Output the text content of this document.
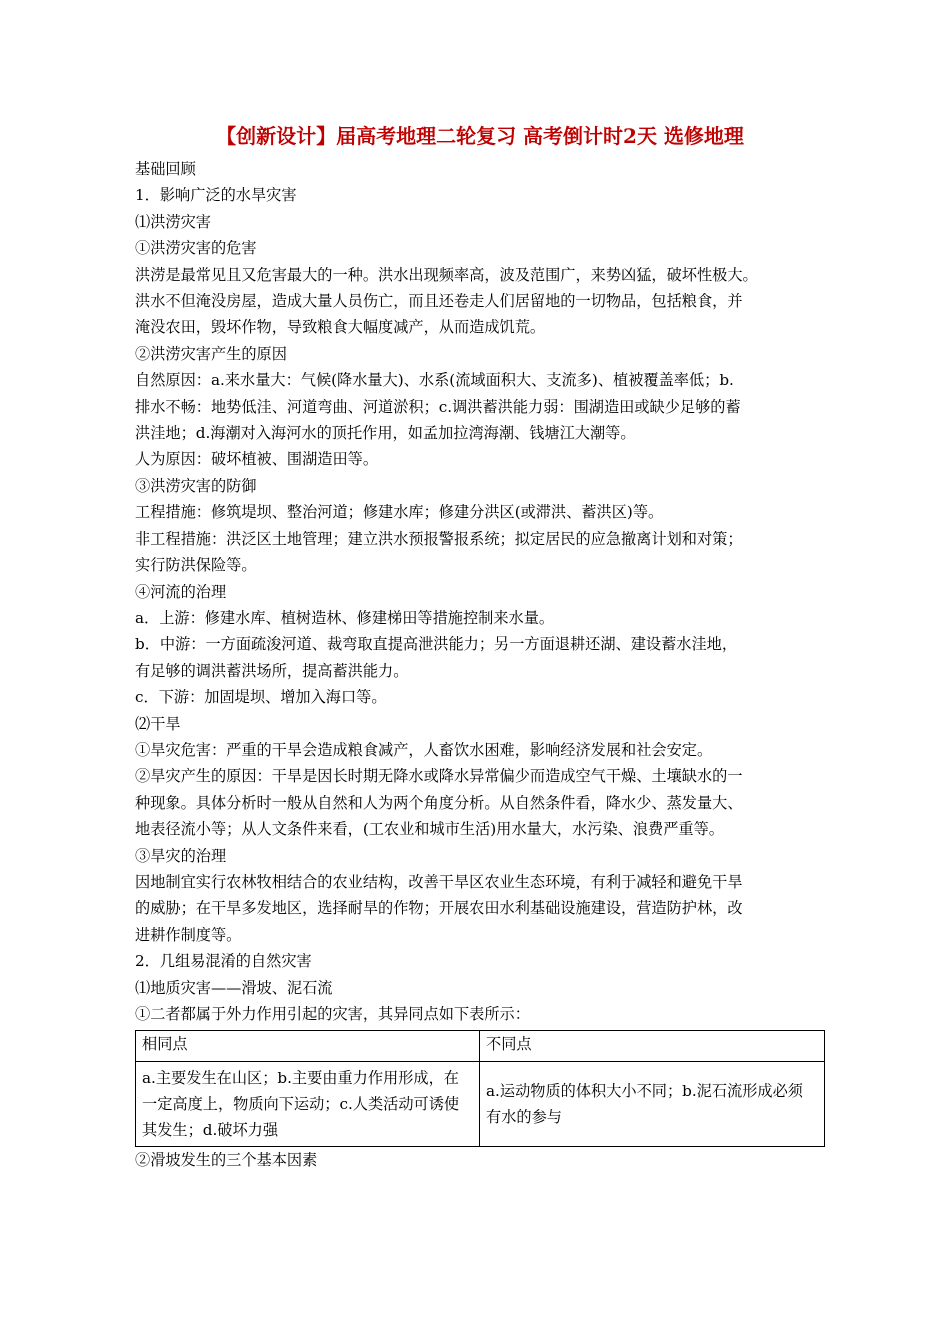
【创新设计】届高考地理二轮复习 高考倒计时2天 选修地理
基础回顾
1．影响广泛的水旱灾害
⑴洪涝灾害
①洪涝灾害的危害
洪涝是最常见且又危害最大的一种。洪水出现频率高，波及范围广，来势凶猛，破坏性极大。
洪水不但淹没房屋，造成大量人员伤亡，而且还卷走人们居留地的一切物品，包括粮食，并
淹没农田，毁坏作物，导致粮食大幅度减产，从而造成饥荒。
②洪涝灾害产生的原因
自然原因：a.来水量大：气候(降水量大)、水系(流域面积大、支流多)、植被覆盖率低；b.
排水不畅：地势低洼、河道弯曲、河道淤积；c.调洪蓄洪能力弱：围湖造田或缺少足够的蓄
洪洼地；d.海潮对入海河水的顶托作用，如孟加拉湾海潮、钱塘江大潮等。
人为原因：破坏植被、围湖造田等。
③洪涝灾害的防御
工程措施：修筑堤坝、整治河道；修建水库；修建分洪区(或滞洪、蓄洪区)等。
非工程措施：洪泛区土地管理；建立洪水预报警报系统；拟定居民的应急撤离计划和对策；
实行防洪保险等。
④河流的治理
a．上游：修建水库、植树造林、修建梯田等措施控制来水量。
b．中游：一方面疏浚河道、裁弯取直提高泄洪能力；另一方面退耕还湖、建设蓄水洼地，
有足够的调洪蓄洪场所，提高蓄洪能力。
c．下游：加固堤坝、增加入海口等。
⑵干旱
①旱灾危害：严重的干旱会造成粮食减产，人畜饮水困难，影响经济发展和社会安定。
②旱灾产生的原因：干旱是因长时期无降水或降水异常偏少而造成空气干燥、土壤缺水的一
种现象。具体分析时一般从自然和人为两个角度分析。从自然条件看，降水少、蒸发量大、
地表径流小等；从人文条件来看，(工农业和城市生活)用水量大，水污染、浪费严重等。
③旱灾的治理
因地制宜实行农林牧相结合的农业结构，改善干旱区农业生态环境，有利于减轻和避免干旱
的威胁；在干旱多发地区，选择耐旱的作物；开展农田水利基础设施建设，营造防护林，改
进耕作制度等。
2．几组易混淆的自然灾害
⑴地质灾害——滑坡、泥石流
①二者都属于外力作用引起的灾害，其异同点如下表所示：
相同点	不同点
a.主要发生在山区；b.主要由重力作用形成，在一定高度上，物质向下运动；c.人类活动可诱使其发生；d.破坏力强	a.运动物质的体积大小不同；b.泥石流形成必须有水的参与
②滑坡发生的三个基本因素
